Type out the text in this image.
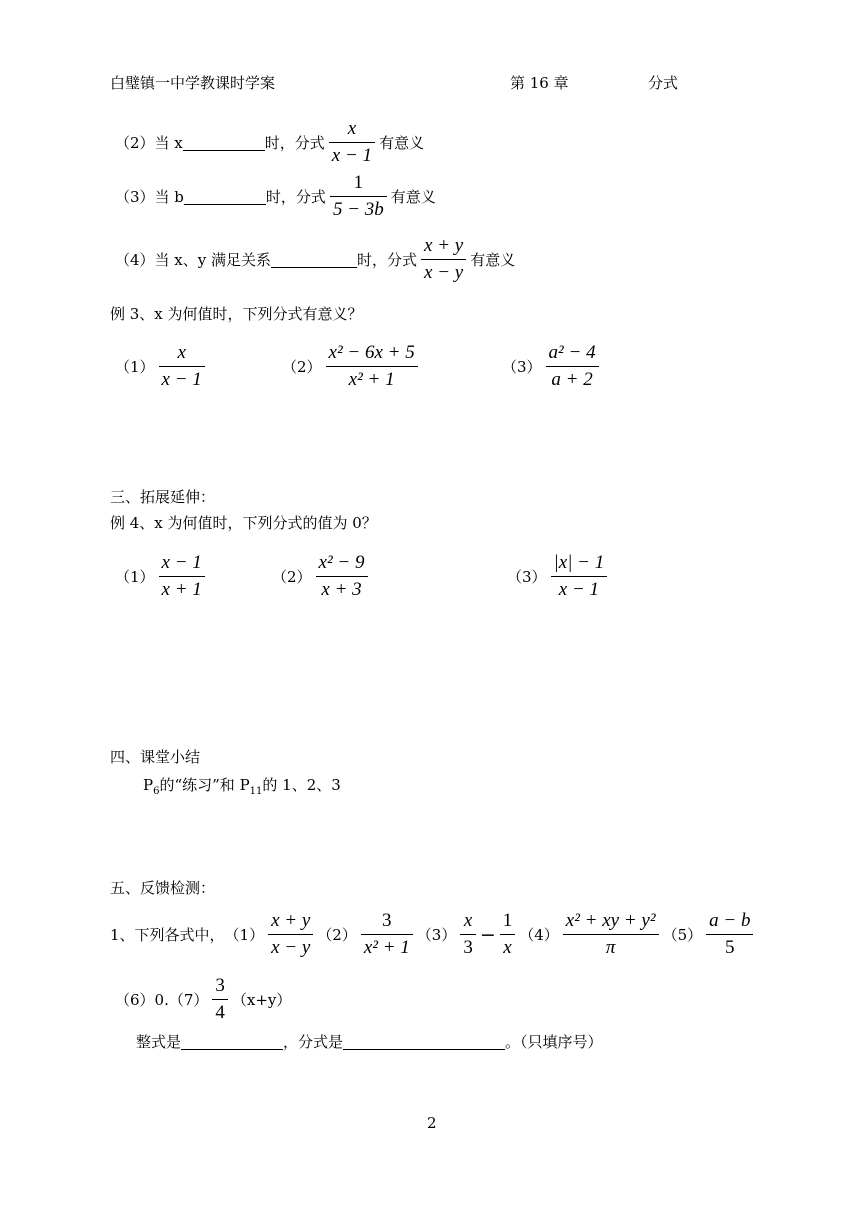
白璧镇一中学教课时学案	第 16 章	分式
（2）当 x	时，分式 $\frac{x}{x - 1}$ 有意义
（3）当 b	时，分式 $\frac{1}{5 - 3b}$ 有意义
（4）当 x、y 满足关系	时，分式 $\frac{x + y}{x - y}$ 有意义
例 3、x 为何值时，下列分式有意义？
$(1) \frac{x}{x - 1}$	$(2) \frac{\text{x² − 6x + 5}}{\text{x² + 1}}$	$(3) \frac{\text{a² − 4}}{a + 2}$
三、拓展延伸：
例 4、x 为何值时，下列分式的值为 0？
$(1) \frac{x - 1}{x + 1}$	$(2) \frac{\text{x² − 9}}{x + 3}$	$(3) \frac{|x| - 1}{x - 1}$
四、课堂小结
$P_6$的“练习”和 $P_{11}$的 1、2、3
五、反馈检测：
1、下列各式中， $(1) \frac{x + y}{x - y} (2) \frac{3}{\text{x² + 1}} (3) \frac{x}{3} - \frac{1}{x} (4) \frac{\text{x² + xy + y²}}{\pi} (5) \frac{a - b}{5}$
（6）0. $(7) \frac{3}{4} (x+y)$
整式是	，分式是	。（只填序号）
2
